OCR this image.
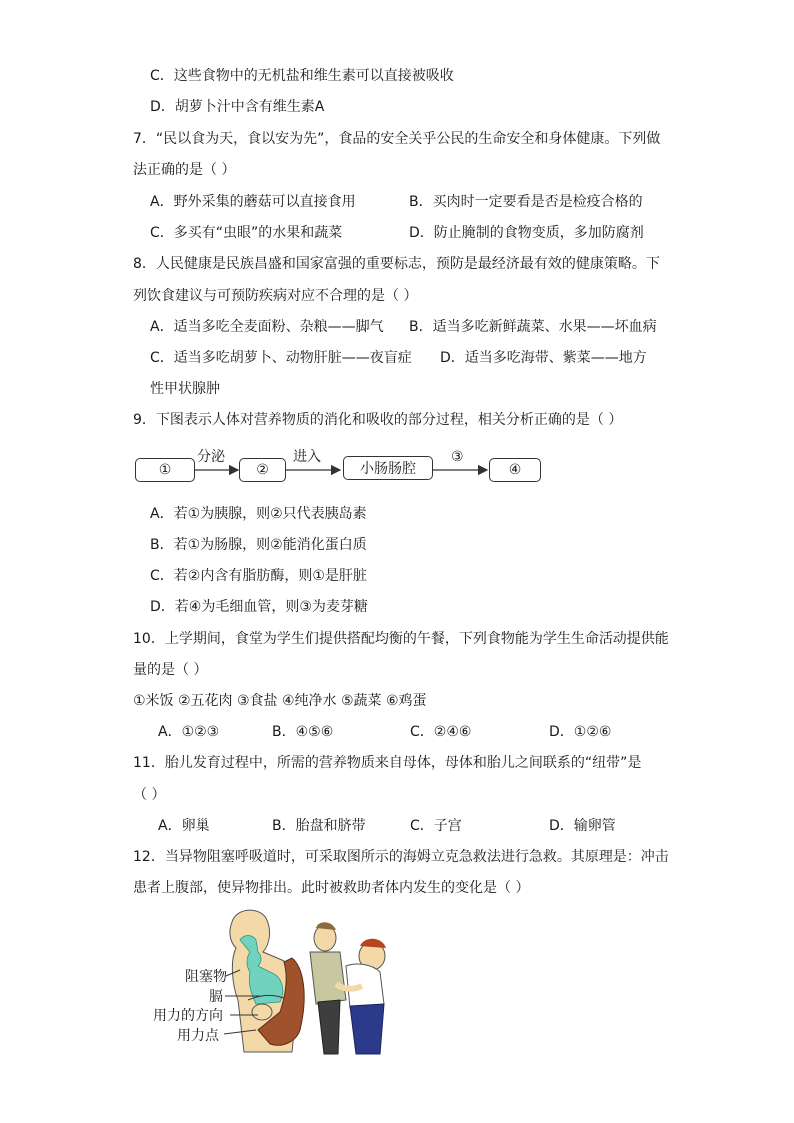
C．这些食物中的无机盐和维生素可以直接被吸收
D．胡萝卜汁中含有维生素A
7．“民以食为天，食以安为先”，食品的安全关乎公民的生命安全和身体健康。下列做
法正确的是（ ）
A．野外采集的蘑菇可以直接食用	B．买肉时一定要看是否是检疫合格的
C．多买有“虫眼”的水果和蔬菜	D．防止腌制的食物变质，多加防腐剂
8．人民健康是民族昌盛和国家富强的重要标志，预防是最经济最有效的健康策略。下
列饮食建议与可预防疾病对应不合理的是（ ）
A．适当多吃全麦面粉、杂粮——脚气 B．适当多吃新鲜蔬菜、水果——坏血病
C．适当多吃胡萝卜、动物肝脏——夜盲症 D．适当多吃海带、紫菜——地方
性甲状腺肿
9．下图表示人体对营养物质的消化和吸收的部分过程，相关分析正确的是（ ）
①	②	小肠肠腔	④
分泌	进入	③
A．若①为胰腺，则②只代表胰岛素
B．若①为肠腺，则②能消化蛋白质
C．若②内含有脂肪酶，则①是肝脏
D．若④为毛细血管，则③为麦芽糖
10．上学期间，食堂为学生们提供搭配均衡的午餐，下列食物能为学生生命活动提供能
量的是（ ）
①米饭 ②五花肉 ③食盐 ④纯净水 ⑤蔬菜 ⑥鸡蛋
A．①②③	B．④⑤⑥	C．②④⑥	D．①②⑥
11．胎儿发育过程中，所需的营养物质来自母体，母体和胎儿之间联系的“纽带”是
（ ）
A．卵巢	B．胎盘和脐带	C．子宫	D．输卵管
12．当异物阻塞呼吸道时，可采取图所示的海姆立克急救法进行急救。其原理是：冲击
患者上腹部，使异物排出。此时被救助者体内发生的变化是（ ）
阻塞物
膈
用力的方向
用力点
